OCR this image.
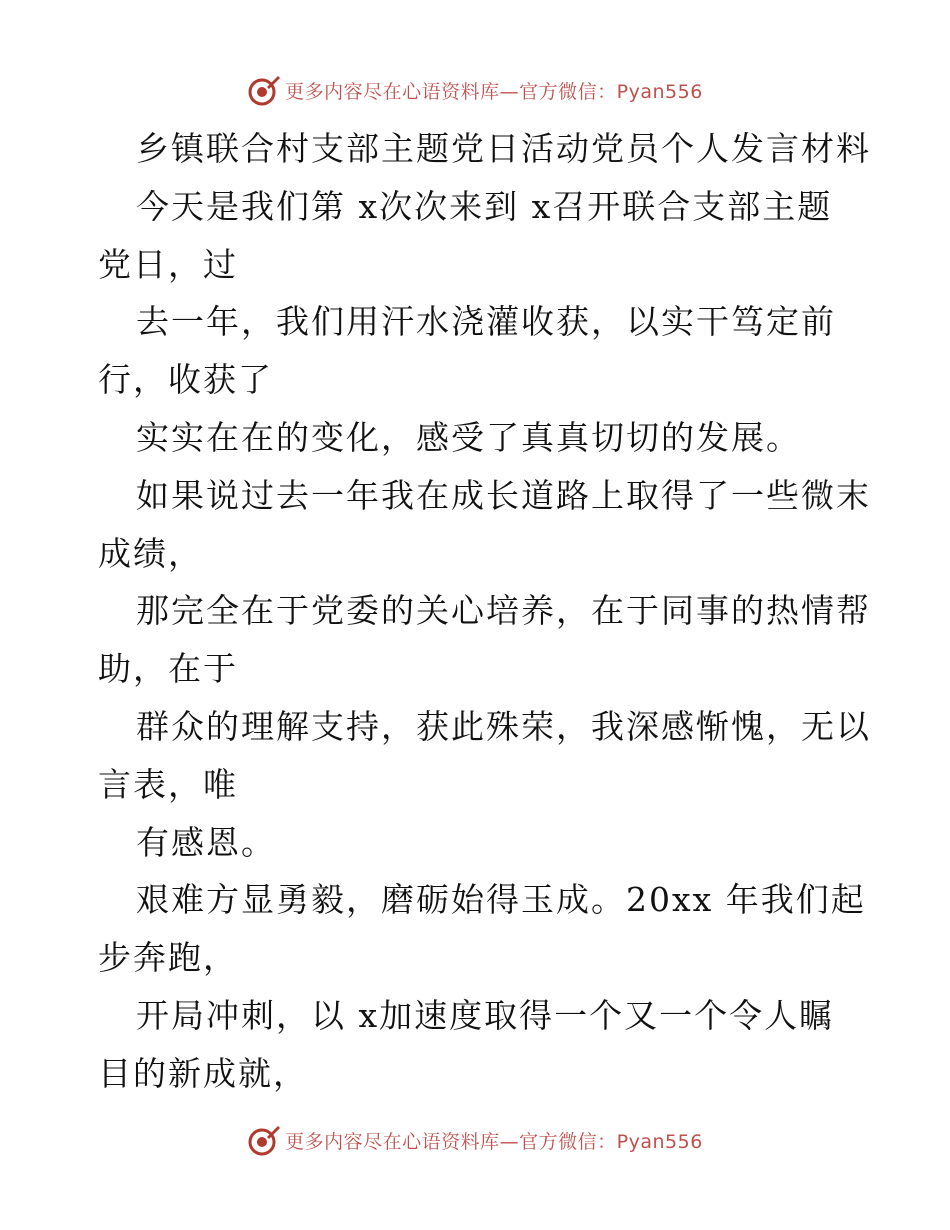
更多内容尽在心语资料库—官方微信：Pyan556
乡镇联合村支部主题党日活动党员个人发言材料
今天是我们第 x次次来到 x召开联合支部主题
党日，过
去一年，我们用汗水浇灌收获，以实干笃定前
行，收获了
实实在在的变化，感受了真真切切的发展。
如果说过去一年我在成长道路上取得了一些微末
成绩，
那完全在于党委的关心培养，在于同事的热情帮
助，在于
群众的理解支持，获此殊荣，我深感惭愧，无以
言表，唯
有感恩。
艰难方显勇毅，磨砺始得玉成。20xx 年我们起
步奔跑，
开局冲刺，以 x加速度取得一个又一个令人瞩
目的新成就，
更多内容尽在心语资料库—官方微信：Pyan556
